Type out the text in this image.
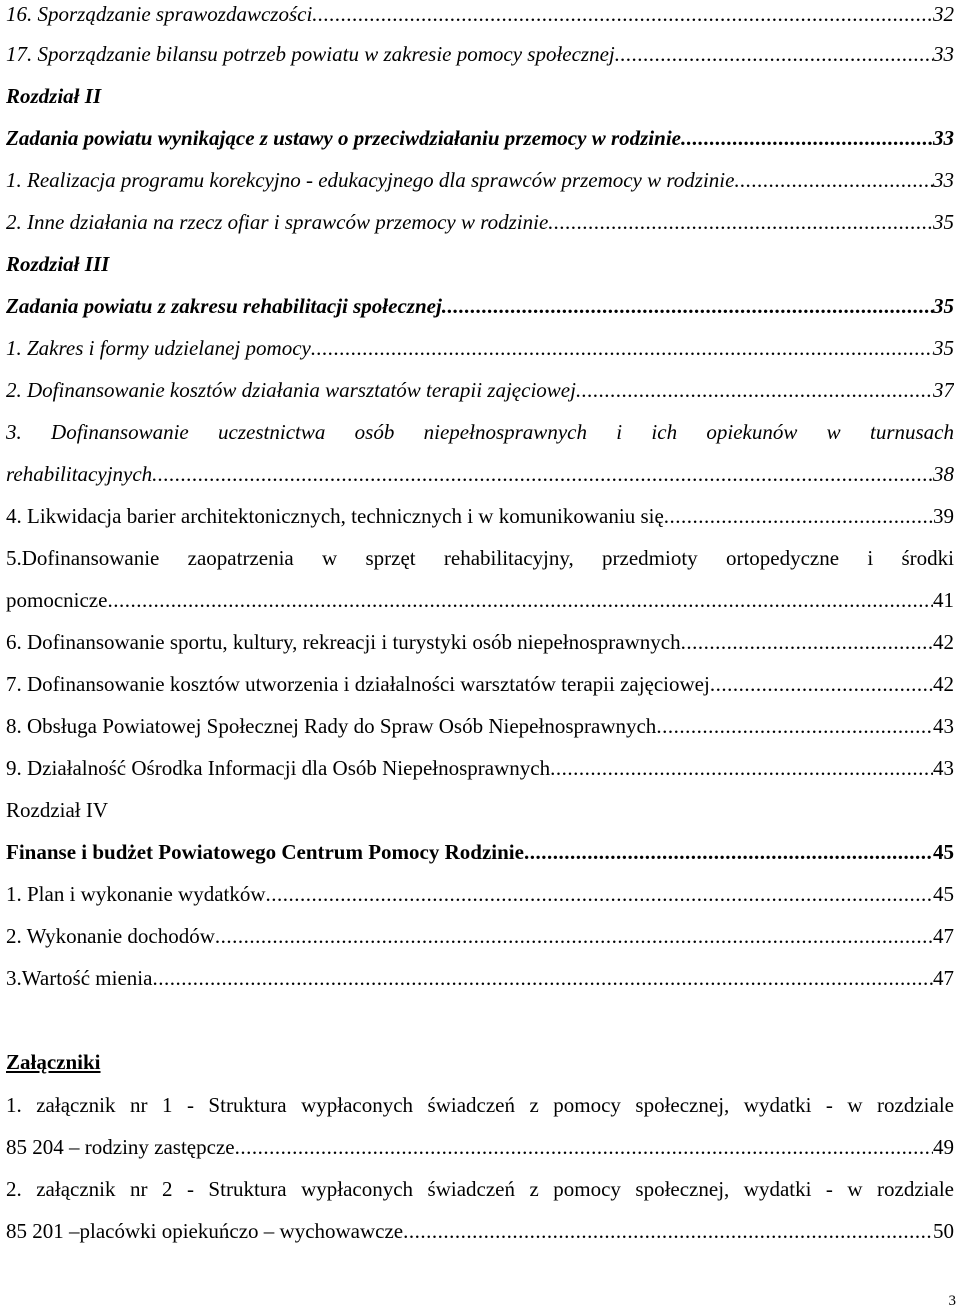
16. Sporządzanie sprawozdawczości .....	32
17. Sporządzanie bilansu potrzeb powiatu w zakresie pomocy społecznej .....	33
Rozdział II
Zadania powiatu wynikające z ustawy o przeciwdziałaniu przemocy w rodzinie .....	33
1. Realizacja programu korekcyjno - edukacyjnego dla sprawców przemocy w rodzinie .....	33
2. Inne działania na rzecz ofiar i sprawców przemocy w rodzinie .....	35
Rozdział III
Zadania powiatu z zakresu rehabilitacji społecznej .....	35
1. Zakres i formy udzielanej pomocy .....	35
2. Dofinansowanie kosztów działania warsztatów terapii zajęciowej .....	37
3. Dofinansowanie uczestnictwa osób niepełnosprawnych i ich opiekunów w turnusach
rehabilitacyjnych .....	38
4. Likwidacja barier architektonicznych, technicznych i w komunikowaniu się .....	39
5.Dofinansowanie zaopatrzenia w sprzęt rehabilitacyjny, przedmioty ortopedyczne i środki
pomocnicze .....	41
6. Dofinansowanie sportu, kultury, rekreacji i turystyki osób niepełnosprawnych .....	42
7. Dofinansowanie kosztów utworzenia i działalności warsztatów terapii zajęciowej .....	42
8. Obsługa Powiatowej Społecznej Rady do Spraw Osób Niepełnosprawnych .....	43
9. Działalność Ośrodka Informacji dla Osób Niepełnosprawnych .....	43
Rozdział IV
Finanse i budżet Powiatowego Centrum Pomocy Rodzinie .....	45
1. Plan i wykonanie wydatków .....	45
2. Wykonanie dochodów .....	47
3.Wartość mienia .....	47
Załączniki
1. załącznik nr 1 - Struktura wypłaconych świadczeń z pomocy społecznej, wydatki - w rozdziale
85 204 – rodziny zastępcze .....	49
2. załącznik nr 2 - Struktura wypłaconych świadczeń z pomocy społecznej, wydatki - w rozdziale
85 201 –placówki opiekuńczo – wychowawcze .....	50
3
